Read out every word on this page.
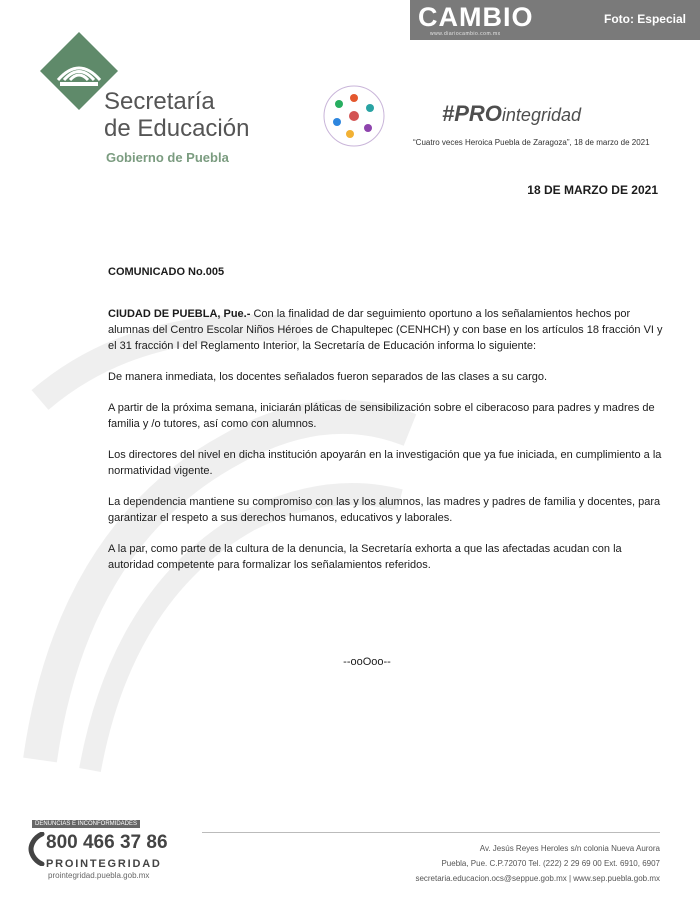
CAMBIO
www.diariocambio.com.mx
Foto: Especial
Secretaría
de Educación
Gobierno de Puebla
#PROintegridad
“Cuatro veces Heroica Puebla de Zaragoza”, 18 de marzo de 2021
18 DE MARZO DE 2021
COMUNICADO No.005

CIUDAD DE PUEBLA, Pue.- Con la finalidad de dar seguimiento oportuno a los señalamientos hechos por alumnas del Centro Escolar Niños Héroes de Chapultepec (CENHCH) y con base en los artículos 18 fracción VI y el 31 fracción I del Reglamento Interior, la Secretaría de Educación informa lo siguiente:

De manera inmediata, los docentes señalados fueron separados de las clases a su cargo.

A partir de la próxima semana, iniciarán pláticas de sensibilización sobre el ciberacoso para padres y madres de familia y /o tutores, así como con alumnos.

Los directores del nivel en dicha institución apoyarán en la investigación que ya fue iniciada, en cumplimiento a la normatividad vigente.

La dependencia mantiene su compromiso con las y los alumnos, las madres y padres de familia y docentes, para garantizar el respeto a sus derechos humanos, educativos y laborales.

A la par, como parte de la cultura de la denuncia, la Secretaría exhorta a que las afectadas acudan con la autoridad competente para formalizar los señalamientos referidos.

--ooOoo--
DENUNCIAS E INCONFORMIDADES
800 466 37 86
PROINTEGRIDAD
prointegridad.puebla.gob.mx
Av. Jesús Reyes Heroles s/n colonia Nueva Aurora
Puebla, Pue. C.P.72070 Tel. (222) 2 29 69 00 Ext. 6910, 6907
secretaria.educacion.ocs@seppue.gob.mx | www.sep.puebla.gob.mx
